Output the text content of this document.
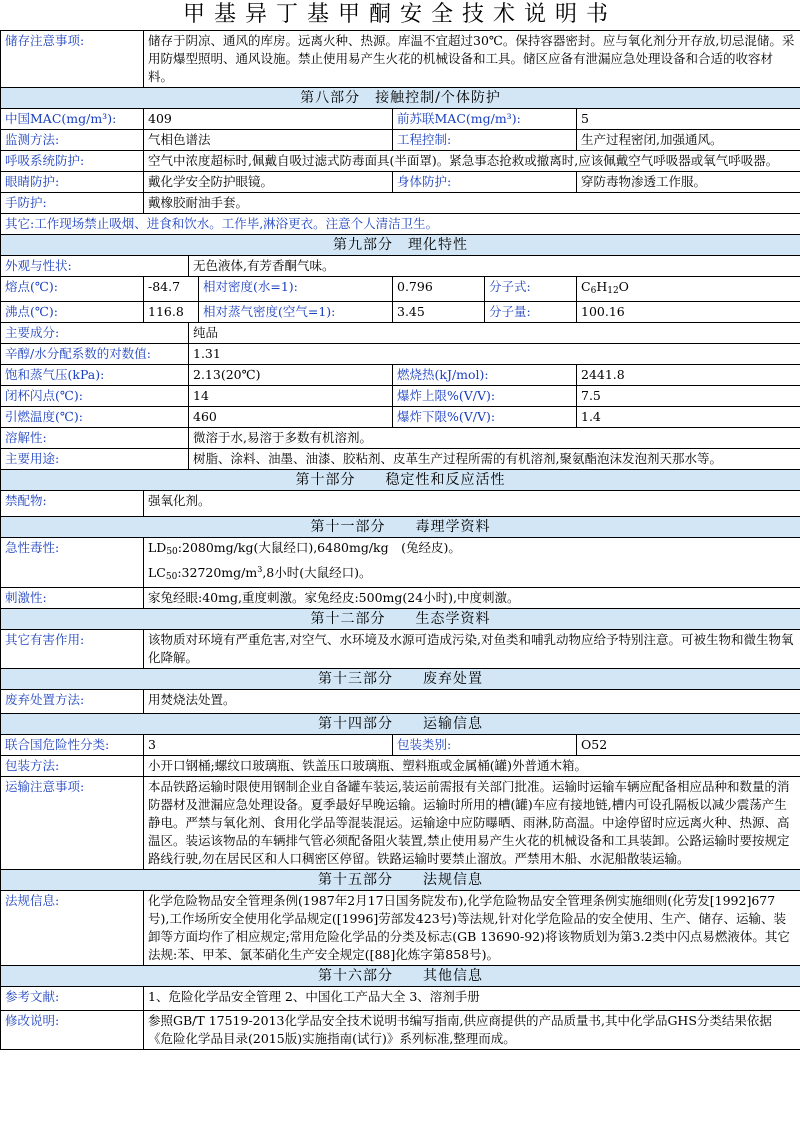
甲基异丁基甲酮安全技术说明书
储存注意事项:	储存于阴凉、通风的库房。远离火种、热源。库温不宜超过30℃。保持容器密封。应与氧化剂分开存放,切忌混储。采用防爆型照明、通风设施。禁止使用易产生火花的机械设备和工具。储区应备有泄漏应急处理设备和合适的收容材料。					
第八部分　接触控制/个体防护						
中国MAC(mg/m³):	409			前苏联MAC(mg/m³):		5
监测方法:	气相色谱法			工程控制:		生产过程密闭,加强通风。
呼吸系统防护:	空气中浓度超标时,佩戴自吸过滤式防毒面具(半面罩)。紧急事态抢救或撤离时,应该佩戴空气呼吸器或氧气呼吸器。					
眼睛防护:	戴化学安全防护眼镜。			身体防护:		穿防毒物渗透工作服。
手防护:	戴橡胶耐油手套。					
其它:工作现场禁止吸烟、进食和饮水。工作毕,淋浴更衣。注意个人清洁卫生。						
第九部分　理化特性						
外观与性状:		无色液体,有芳香酮气味。				
熔点(℃):	-84.7		相对密度(水=1):	0.796	分子式:	$C_6H_{12}O$
沸点(℃):	116.8		相对蒸气密度(空气=1):	3.45	分子量:	100.16
主要成分:		纯品				
辛醇/水分配系数的对数值:		1.31				
饱和蒸气压(kPa):		2.13(20℃)		燃烧热(kJ/mol):		2441.8
闭杯闪点(℃):		14		爆炸上限%(V/V):		7.5
引燃温度(℃):		460		爆炸下限%(V/V):		1.4
溶解性:		微溶于水,易溶于多数有机溶剂。				
主要用途:		树脂、涂料、油墨、油漆、胶粘剂、皮革生产过程所需的有机溶剂,聚氨酯泡沫发泡剂天那水等。				
第十部分　　稳定性和反应活性						
禁配物:	强氧化剂。					
第十一部分　　毒理学资料						
急性毒性:	$LD_{50}:2080mg/kg$(大鼠经口),6480mg/kg　(兔经皮)。
$LC_{50}:32720mg/m^3,8$小时(大鼠经口)。					

刺激性:	家兔经眼:40mg,重度刺激。家兔经皮:500mg(24小时),中度刺激。					
第十二部分　　生态学资料						
其它有害作用:	该物质对环境有严重危害,对空气、水环境及水源可造成污染,对鱼类和哺乳动物应给予特别注意。可被生物和微生物氧化降解。					
第十三部分　　废弃处置						
废弃处置方法:	用焚烧法处置。					
第十四部分　　运输信息						
联合国危险性分类:	3			包装类别:		O52
包装方法:	小开口钢桶;螺纹口玻璃瓶、铁盖压口玻璃瓶、塑料瓶或金属桶(罐)外普通木箱。					
运输注意事项:	本品铁路运输时限使用钢制企业自备罐车装运,装运前需报有关部门批准。运输时运输车辆应配备相应品种和数量的消防器材及泄漏应急处理设备。夏季最好早晚运输。运输时所用的槽(罐)车应有接地链,槽内可设孔隔板以减少震荡产生静电。严禁与氧化剂、食用化学品等混装混运。运输途中应防曝晒、雨淋,防高温。中途停留时应远离火种、热源、高温区。装运该物品的车辆排气管必须配备阻火装置,禁止使用易产生火花的机械设备和工具装卸。公路运输时要按规定路线行驶,勿在居民区和人口稠密区停留。铁路运输时要禁止溜放。严禁用木船、水泥船散装运输。					
第十五部分　　法规信息						
法规信息:	化学危险物品安全管理条例(1987年2月17日国务院发布),化学危险物品安全管理条例实施细则(化劳发[1992]677号),工作场所安全使用化学品规定([1996]劳部发423号)等法规,针对化学危险品的安全使用、生产、储存、运输、装卸等方面均作了相应规定;常用危险化学品的分类及标志(GB 13690-92)将该物质划为第3.2类中闪点易燃液体。其它法规:苯、甲苯、氯苯硝化生产安全规定([88]化炼字第858号)。					
第十六部分　　其他信息						
参考文献:	1、危险化学品安全管理 2、中国化工产品大全 3、溶剂手册					
修改说明:	参照GB/T 17519-2013化学品安全技术说明书编写指南,供应商提供的产品质量书,其中化学品GHS分类结果依据《危险化学品目录(2015版)实施指南(试行)》系列标准,整理而成。					
